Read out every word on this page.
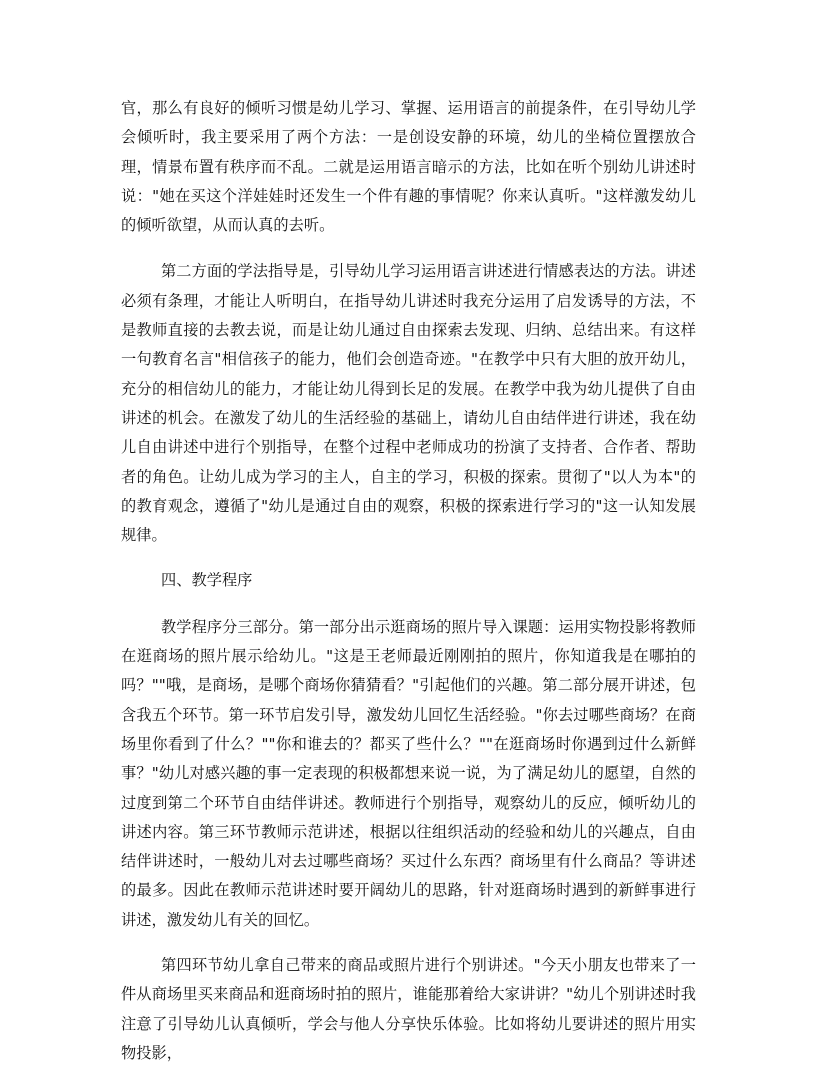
官，那么有良好的倾听习惯是幼儿学习、掌握、运用语言的前提条件，在引导幼儿学会倾听时，我主要采用了两个方法：一是创设安静的环境，幼儿的坐椅位置摆放合理，情景布置有秩序而不乱。二就是运用语言暗示的方法，比如在听个别幼儿讲述时说："她在买这个洋娃娃时还发生一个件有趣的事情呢？你来认真听。"这样激发幼儿的倾听欲望，从而认真的去听。

第二方面的学法指导是，引导幼儿学习运用语言讲述进行情感表达的方法。讲述必须有条理，才能让人听明白，在指导幼儿讲述时我充分运用了启发诱导的方法，不是教师直接的去教去说，而是让幼儿通过自由探索去发现、归纳、总结出来。有这样一句教育名言"相信孩子的能力，他们会创造奇迹。"在教学中只有大胆的放开幼儿，充分的相信幼儿的能力，才能让幼儿得到长足的发展。在教学中我为幼儿提供了自由讲述的机会。在激发了幼儿的生活经验的基础上，请幼儿自由结伴进行讲述，我在幼儿自由讲述中进行个别指导，在整个过程中老师成功的扮演了支持者、合作者、帮助者的角色。让幼儿成为学习的主人，自主的学习，积极的探索。贯彻了"以人为本"的的教育观念，遵循了"幼儿是通过自由的观察，积极的探索进行学习的"这一认知发展规律。

四、教学程序

教学程序分三部分。第一部分出示逛商场的照片导入课题：运用实物投影将教师在逛商场的照片展示给幼儿。"这是王老师最近刚刚拍的照片，你知道我是在哪拍的吗？""哦，是商场，是哪个商场你猜猜看？"引起他们的兴趣。第二部分展开讲述，包含我五个环节。第一环节启发引导，激发幼儿回忆生活经验。"你去过哪些商场？在商场里你看到了什么？""你和谁去的？都买了些什么？""在逛商场时你遇到过什么新鲜事？"幼儿对感兴趣的事一定表现的积极都想来说一说，为了满足幼儿的愿望，自然的过度到第二个环节自由结伴讲述。教师进行个别指导，观察幼儿的反应，倾听幼儿的讲述内容。第三环节教师示范讲述，根据以往组织活动的经验和幼儿的兴趣点，自由结伴讲述时，一般幼儿对去过哪些商场？买过什么东西？商场里有什么商品？等讲述的最多。因此在教师示范讲述时要开阔幼儿的思路，针对逛商场时遇到的新鲜事进行讲述，激发幼儿有关的回忆。

第四环节幼儿拿自己带来的商品或照片进行个别讲述。"今天小朋友也带来了一件从商场里买来商品和逛商场时拍的照片，谁能那着给大家讲讲？"幼儿个别讲述时我注意了引导幼儿认真倾听，学会与他人分享快乐体验。比如将幼儿要讲述的照片用实物投影，
